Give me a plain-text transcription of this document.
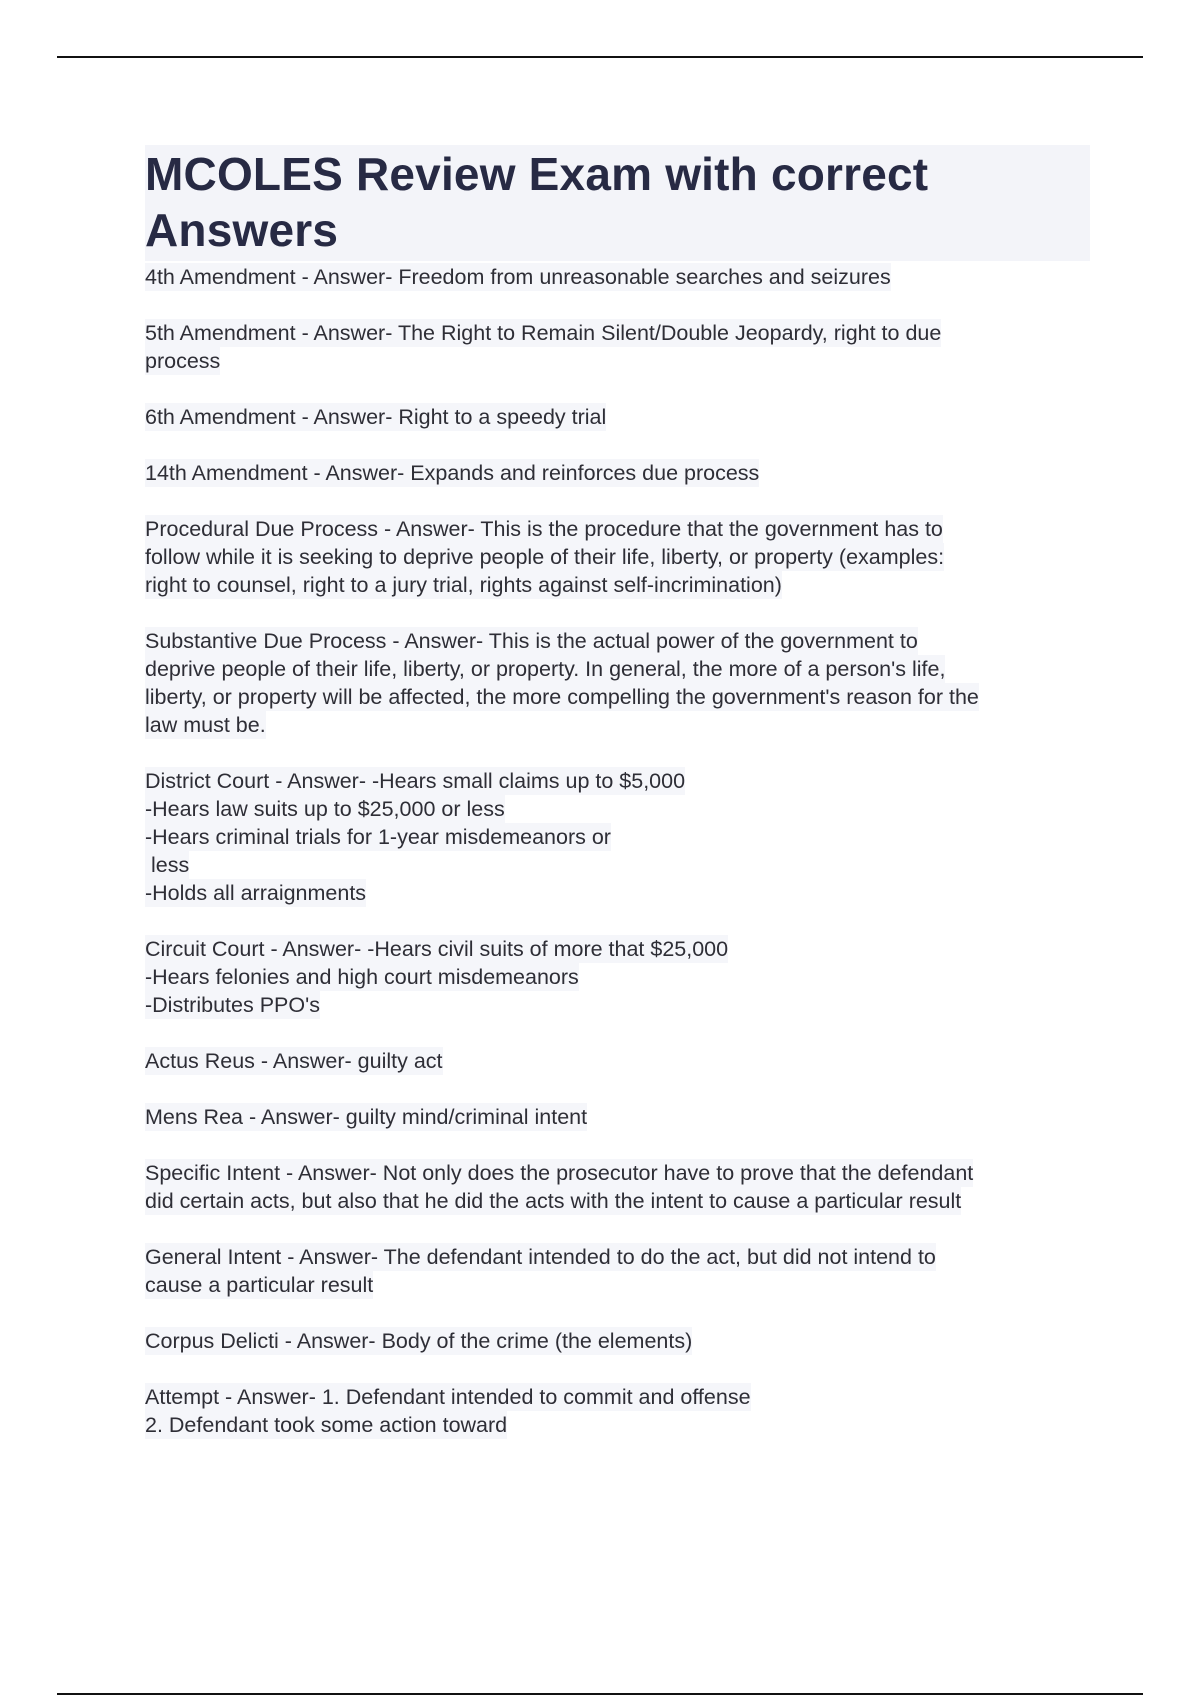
MCOLES Review Exam with correct
Answers
4th Amendment - Answer- Freedom from unreasonable searches and seizures
5th Amendment - Answer- The Right to Remain Silent/Double Jeopardy, right to due
process
6th Amendment - Answer- Right to a speedy trial
14th Amendment - Answer- Expands and reinforces due process
Procedural Due Process - Answer- This is the procedure that the government has to
follow while it is seeking to deprive people of their life, liberty, or property (examples:
right to counsel, right to a jury trial, rights against self-incrimination)
Substantive Due Process - Answer- This is the actual power of the government to
deprive people of their life, liberty, or property. In general, the more of a person's life,
liberty, or property will be affected, the more compelling the government's reason for the
law must be.
District Court - Answer- -Hears small claims up to $5,000
-Hears law suits up to $25,000 or less
-Hears criminal trials for 1-year misdemeanors or
less
-Holds all arraignments
Circuit Court - Answer- -Hears civil suits of more that $25,000
-Hears felonies and high court misdemeanors
-Distributes PPO's
Actus Reus - Answer- guilty act
Mens Rea - Answer- guilty mind/criminal intent
Specific Intent - Answer- Not only does the prosecutor have to prove that the defendant
did certain acts, but also that he did the acts with the intent to cause a particular result
General Intent - Answer- The defendant intended to do the act, but did not intend to
cause a particular result
Corpus Delicti - Answer- Body of the crime (the elements)
Attempt - Answer- 1. Defendant intended to commit and offense
2. Defendant took some action toward
